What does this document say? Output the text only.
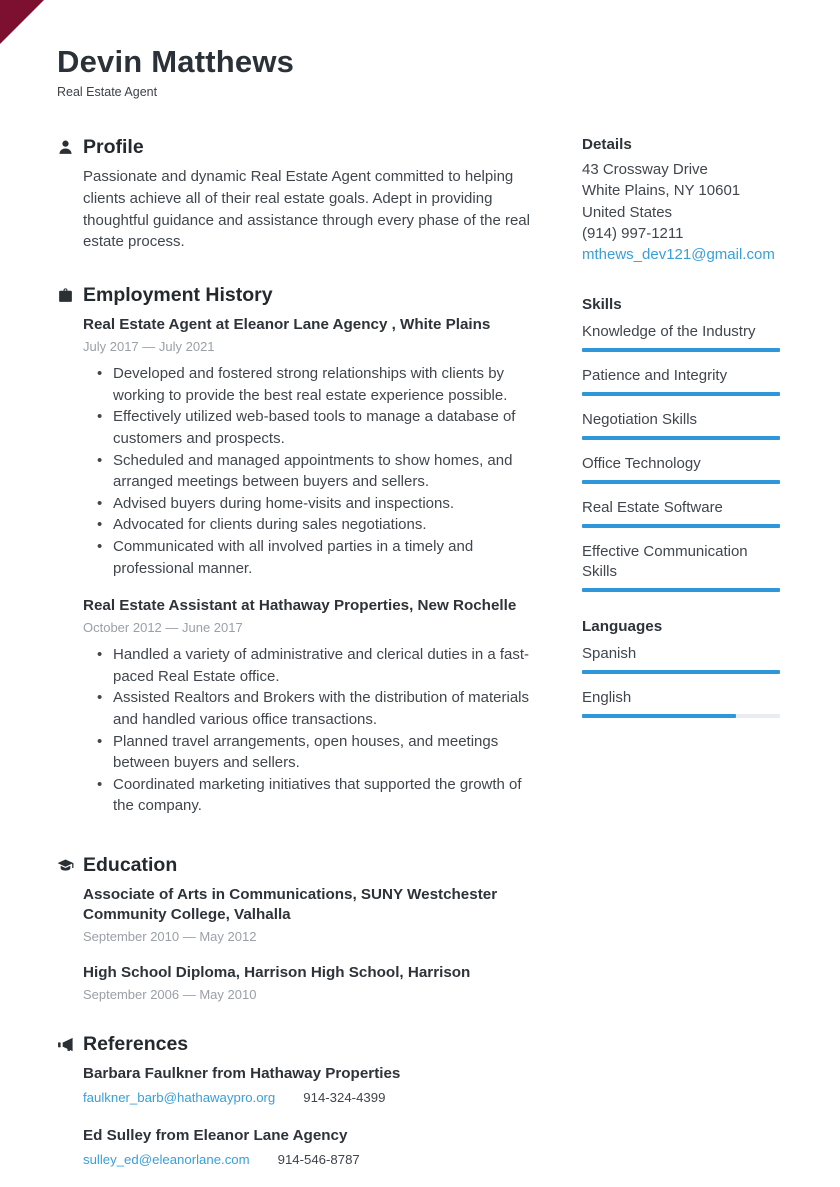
Devin Matthews
Real Estate Agent
Profile
Passionate and dynamic Real Estate Agent committed to helping clients achieve all of their real estate goals. Adept in providing thoughtful guidance and assistance through every phase of the real estate process.
Employment History
Real Estate Agent at Eleanor Lane Agency , White Plains
July 2017 — July 2021
• Developed and fostered strong relationships with clients by working to provide the best real estate experience possible.
• Effectively utilized web-based tools to manage a database of customers and prospects.
• Scheduled and managed appointments to show homes, and arranged meetings between buyers and sellers.
• Advised buyers during home-visits and inspections.
• Advocated for clients during sales negotiations.
• Communicated with all involved parties in a timely and professional manner.
Real Estate Assistant at Hathaway Properties, New Rochelle
October 2012 — June 2017
• Handled a variety of administrative and clerical duties in a fast-paced Real Estate office.
• Assisted Realtors and Brokers with the distribution of materials and handled various office transactions.
• Planned travel arrangements, open houses, and meetings between buyers and sellers.
• Coordinated marketing initiatives that supported the growth of the company.
Education
Associate of Arts in Communications, SUNY Westchester Community College, Valhalla
September 2010 — May 2012
High School Diploma, Harrison High School, Harrison
September 2006 — May 2010
References
Barbara Faulkner from Hathaway Properties
faulkner_barb@hathawaypro.org 914-324-4399
Ed Sulley from Eleanor Lane Agency
sulley_ed@eleanorlane.com 914-546-8787
Details
43 Crossway Drive
White Plains, NY 10601
United States
(914) 997-1211
mthews_dev121@gmail.com
Skills
Knowledge of the Industry
Patience and Integrity
Negotiation Skills
Office Technology
Real Estate Software
Effective Communication Skills
Languages
Spanish
English
